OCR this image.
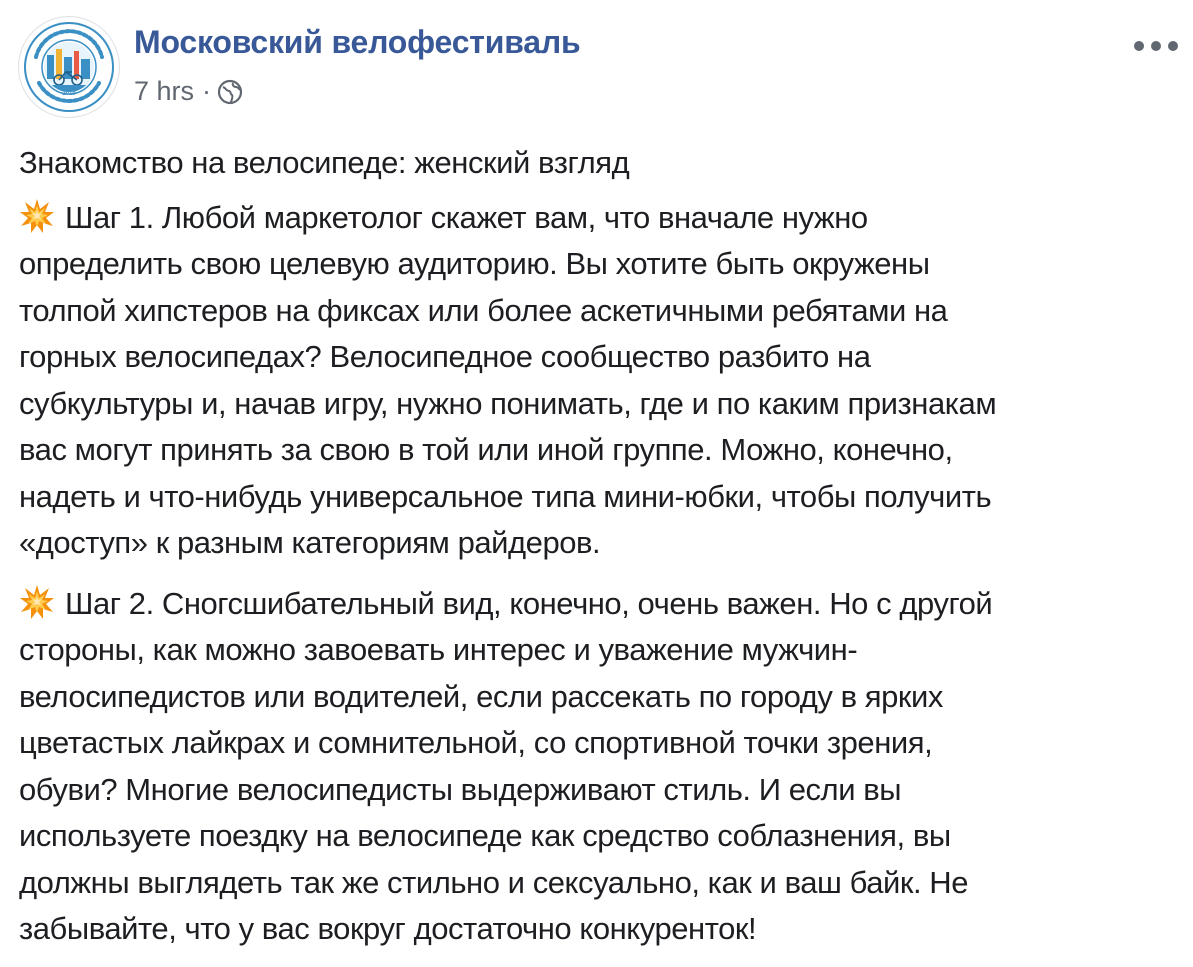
2019
Московский велофестиваль
7 hrs ·

Знакомство на велосипеде: женский взгляд

Шаг 1. Любой маркетолог скажет вам, что вначале нужно
определить свою целевую аудиторию. Вы хотите быть окружены
толпой хипстеров на фиксах или более аскетичными ребятами на
горных велосипедах? Велосипедное сообщество разбито на
субкультуры и, начав игру, нужно понимать, где и по каким признакам
вас могут принять за свою в той или иной группе. Можно, конечно,
надеть и что-нибудь универсальное типа мини-юбки, чтобы получить
«доступ» к разным категориям райдеров.
Шаг 2. Сногсшибательный вид, конечно, очень важен. Но с другой
стороны, как можно завоевать интерес и уважение мужчин-
велосипедистов или водителей, если рассекать по городу в ярких
цветастых лайкрах и сомнительной, со спортивной точки зрения,
обуви? Многие велосипедисты выдерживают стиль. И если вы
используете поездку на велосипеде как средство соблазнения, вы
должны выглядеть так же стильно и сексуально, как и ваш байк. Не
забывайте, что у вас вокруг достаточно конкуренток!
